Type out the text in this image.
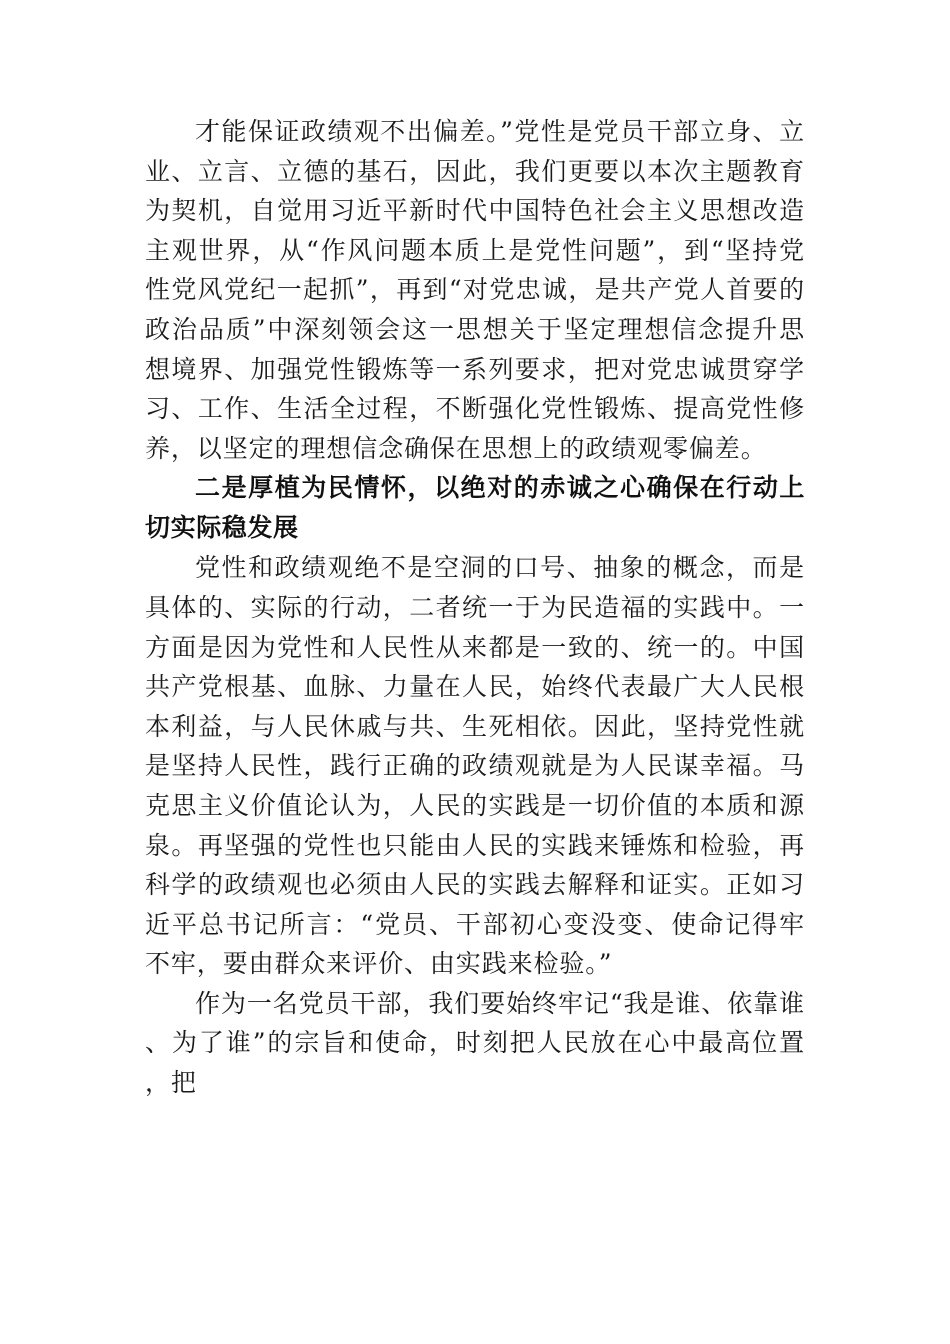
才能保证政绩观不出偏差。”党性是党员干部立身、立业、立言、立德的基石，因此，我们更要以本次主题教育为契机，自觉用习近平新时代中国特色社会主义思想改造主观世界，从“作风问题本质上是党性问题”，到“坚持党性党风党纪一起抓”，再到“对党忠诚，是共产党人首要的政治品质”中深刻领会这一思想关于坚定理想信念提升思想境界、加强党性锻炼等一系列要求，把对党忠诚贯穿学习、工作、生活全过程，不断强化党性锻炼、提高党性修养，以坚定的理想信念确保在思想上的政绩观零偏差。

二是厚植为民情怀，以绝对的赤诚之心确保在行动上切实际稳发展

党性和政绩观绝不是空洞的口号、抽象的概念，而是具体的、实际的行动，二者统一于为民造福的实践中。一方面是因为党性和人民性从来都是一致的、统一的。中国共产党根基、血脉、力量在人民，始终代表最广大人民根本利益，与人民休戚与共、生死相依。因此，坚持党性就是坚持人民性，践行正确的政绩观就是为人民谋幸福。马克思主义价值论认为，人民的实践是一切价值的本质和源泉。再坚强的党性也只能由人民的实践来锤炼和检验，再科学的政绩观也必须由人民的实践去解释和证实。正如习近平总书记所言：“党员、干部初心变没变、使命记得牢不牢，要由群众来评价、由实践来检验。”

作为一名党员干部，我们要始终牢记“我是谁、依靠谁、为了谁”的宗旨和使命，时刻把人民放在心中最高位置，把
